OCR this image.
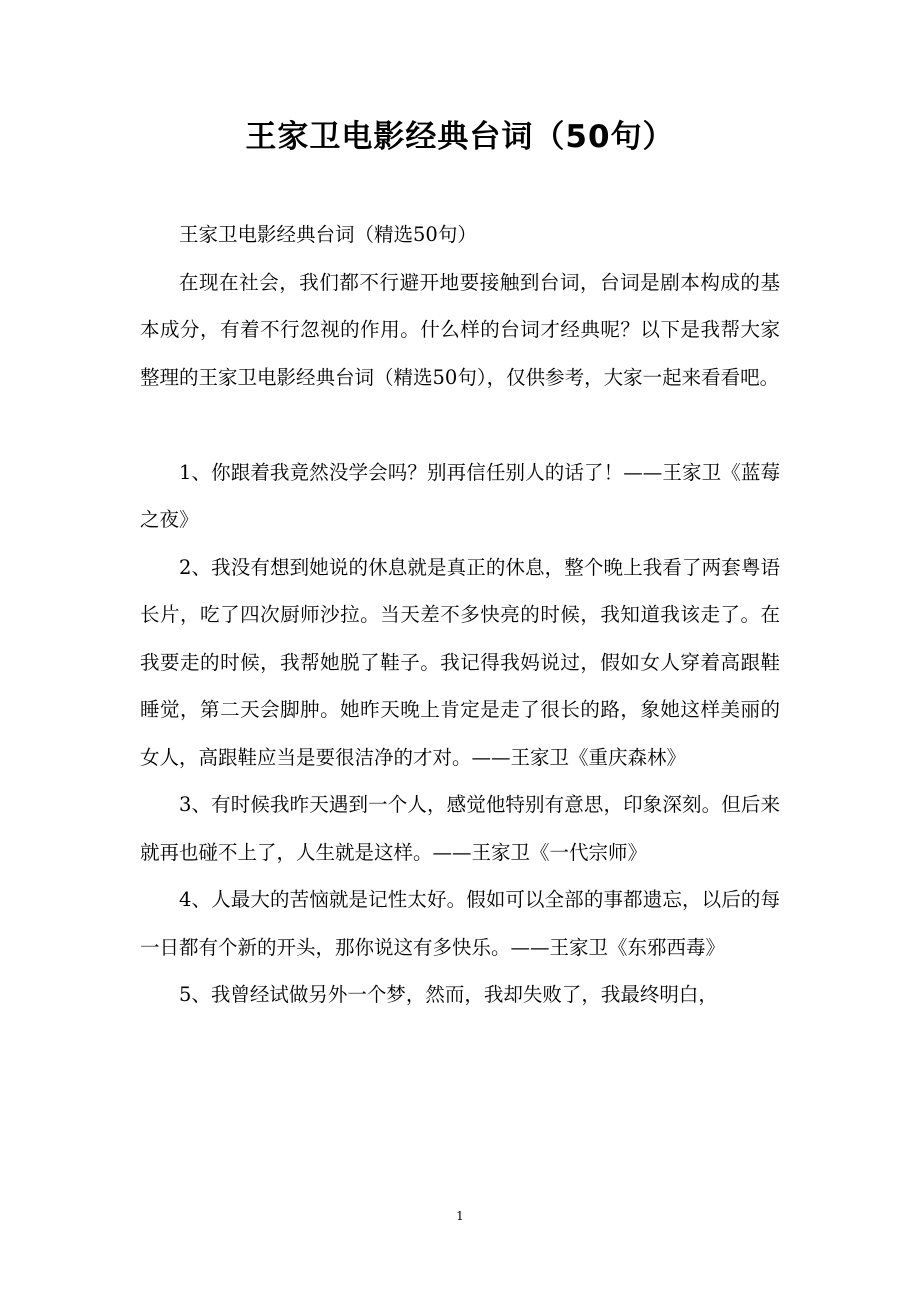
王家卫电影经典台词（50句）

王家卫电影经典台词（精选50句）

在现在社会，我们都不行避开地要接触到台词，台词是剧本构成的基本成分，有着不行忽视的作用。什么样的台词才经典呢？以下是我帮大家整理的王家卫电影经典台词（精选50句），仅供参考，大家一起来看看吧。

1、你跟着我竟然没学会吗？别再信任别人的话了！——王家卫《蓝莓之夜》

2、我没有想到她说的休息就是真正的休息，整个晚上我看了两套粤语长片，吃了四次厨师沙拉。当天差不多快亮的时候，我知道我该走了。在我要走的时候，我帮她脱了鞋子。我记得我妈说过，假如女人穿着高跟鞋睡觉，第二天会脚肿。她昨天晚上肯定是走了很长的路，象她这样美丽的女人，高跟鞋应当是要很洁净的才对。——王家卫《重庆森林》

3、有时候我昨天遇到一个人，感觉他特别有意思，印象深刻。但后来就再也碰不上了，人生就是这样。——王家卫《一代宗师》

4、人最大的苦恼就是记性太好。假如可以全部的事都遗忘，以后的每一日都有个新的开头，那你说这有多快乐。——王家卫《东邪西毒》

5、我曾经试做另外一个梦，然而，我却失败了，我最终明白，

1
